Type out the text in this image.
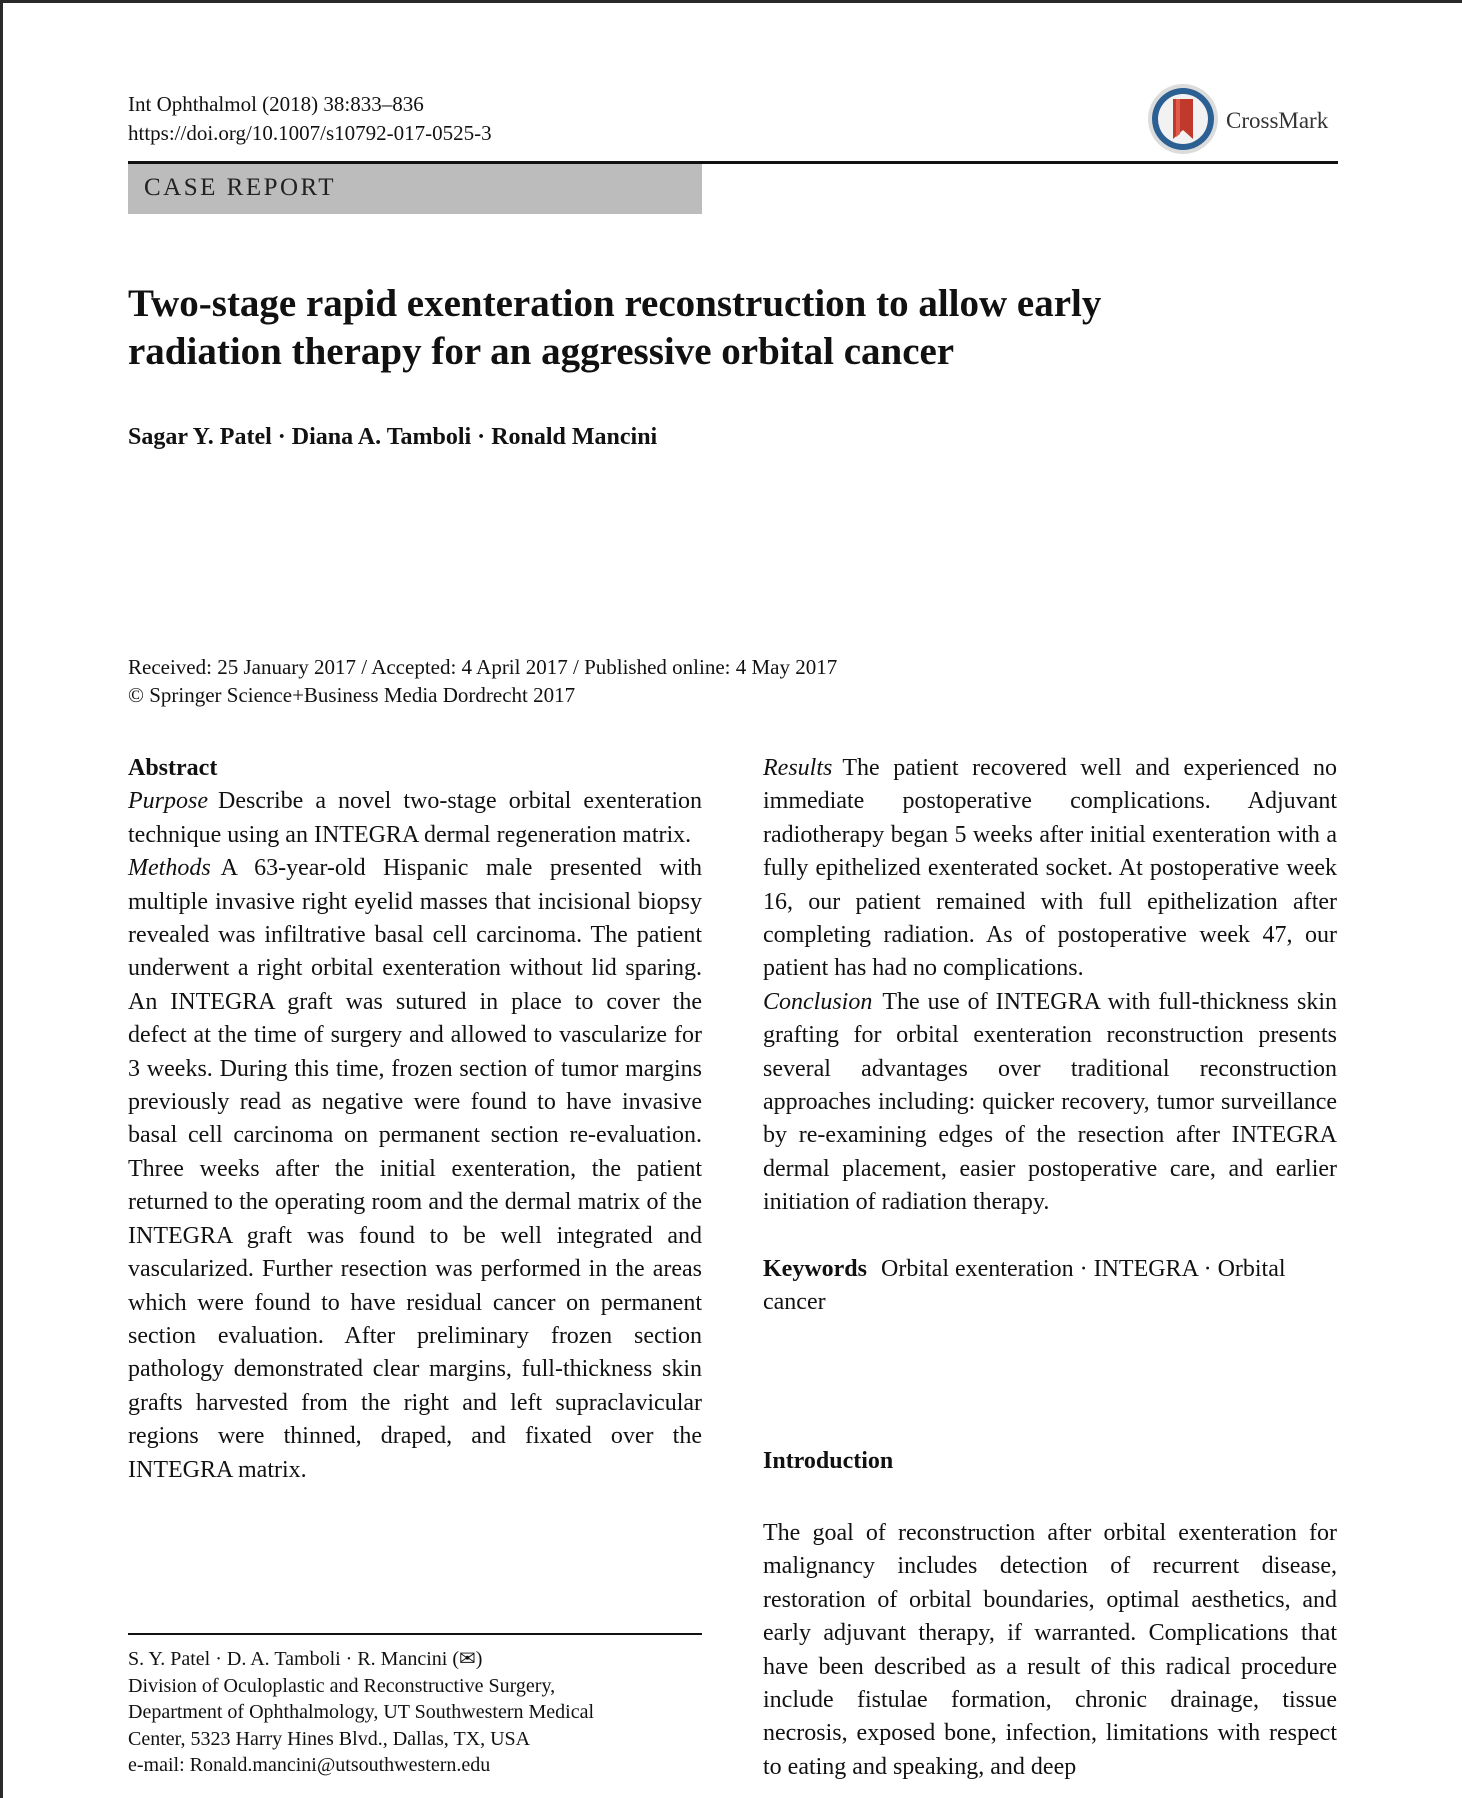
Int Ophthalmol (2018) 38:833–836
https://doi.org/10.1007/s10792-017-0525-3	CrossMark
CASE REPORT
Two-stage rapid exenteration reconstruction to allow early
radiation therapy for an aggressive orbital cancer
Sagar Y. Patel · Diana A. Tamboli · Ronald Mancini
Received: 25 January 2017 / Accepted: 4 April 2017 / Published online: 4 May 2017
© Springer Science+Business Media Dordrecht 2017
Abstract

Purpose Describe a novel two-stage orbital exenteration technique using an INTEGRA dermal regeneration matrix.

Methods A 63-year-old Hispanic male presented with multiple invasive right eyelid masses that incisional biopsy revealed was infiltrative basal cell carcinoma. The patient underwent a right orbital exenteration without lid sparing. An INTEGRA graft was sutured in place to cover the defect at the time of surgery and allowed to vascularize for 3 weeks. During this time, frozen section of tumor margins previously read as negative were found to have invasive basal cell carcinoma on permanent section re-evaluation. Three weeks after the initial exenteration, the patient returned to the operating room and the dermal matrix of the INTEGRA graft was found to be well integrated and vascularized. Further resection was performed in the areas which were found to have residual cancer on permanent section evaluation. After preliminary frozen section pathology demonstrated clear margins, full-thickness skin grafts harvested from the right and left supraclavicular regions were thinned, draped, and fixated over the INTEGRA matrix.

Results The patient recovered well and experienced no immediate postoperative complications. Adjuvant radiotherapy began 5 weeks after initial exenteration with a fully epithelized exenterated socket. At postoperative week 16, our patient remained with full epithelization after completing radiation. As of postoperative week 47, our patient has had no complications.

Conclusion The use of INTEGRA with full-thickness skin grafting for orbital exenteration reconstruction presents several advantages over traditional reconstruction approaches including: quicker recovery, tumor surveillance by re-examining edges of the resection after INTEGRA dermal placement, easier postoperative care, and earlier initiation of radiation therapy.

Keywords Orbital exenteration · INTEGRA · Orbital cancer

Introduction

The goal of reconstruction after orbital exenteration for malignancy includes detection of recurrent disease, restoration of orbital boundaries, optimal aesthetics, and early adjuvant therapy, if warranted. Complications that have been described as a result of this radical procedure include fistulae formation, chronic drainage, tissue necrosis, exposed bone, infection, limitations with respect to eating and speaking, and deep

S. Y. Patel · D. A. Tamboli · R. Mancini (✉)
Division of Oculoplastic and Reconstructive Surgery,
Department of Ophthalmology, UT Southwestern Medical
Center, 5323 Harry Hines Blvd., Dallas, TX, USA
e-mail: Ronald.mancini@utsouthwestern.edu
